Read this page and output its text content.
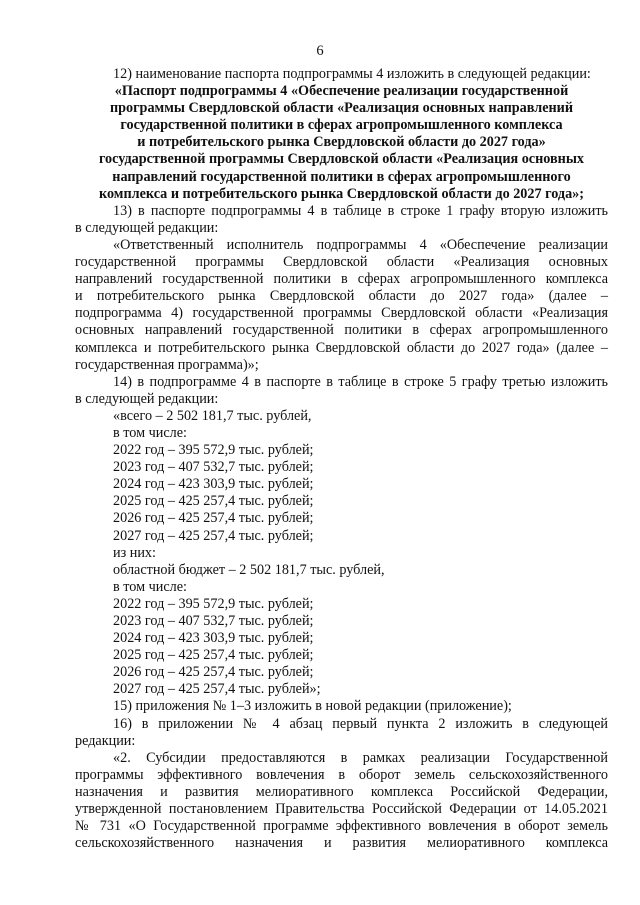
6
12) наименование паспорта подпрограммы 4 изложить в следующей редакции:
«Паспорт подпрограммы 4 «Обеспечение реализации государственной
программы Свердловской области «Реализация основных направлений
государственной политики в сферах агропромышленного комплекса
и потребительского рынка Свердловской области до 2027 года»
государственной программы Свердловской области «Реализация основных
направлений государственной политики в сферах агропромышленного
комплекса и потребительского рынка Свердловской области до 2027 года»;
13) в паспорте подпрограммы 4 в таблице в строке 1 графу вторую изложить
в следующей редакции:
«Ответственный исполнитель подпрограммы 4 «Обеспечение реализации
государственной программы Свердловской области «Реализация основных
направлений государственной политики в сферах агропромышленного комплекса
и потребительского рынка Свердловской области до 2027 года» (далее –
подпрограмма 4) государственной программы Свердловской области «Реализация
основных направлений государственной политики в сферах агропромышленного
комплекса и потребительского рынка Свердловской области до 2027 года» (далее –
государственная программа)»;
14) в подпрограмме 4 в паспорте в таблице в строке 5 графу третью изложить
в следующей редакции:
«всего – 2 502 181,7 тыс. рублей,
в том числе:
2022 год – 395 572,9 тыс. рублей;
2023 год – 407 532,7 тыс. рублей;
2024 год – 423 303,9 тыс. рублей;
2025 год – 425 257,4 тыс. рублей;
2026 год – 425 257,4 тыс. рублей;
2027 год – 425 257,4 тыс. рублей;
из них:
областной бюджет – 2 502 181,7 тыс. рублей,
в том числе:
2022 год – 395 572,9 тыс. рублей;
2023 год – 407 532,7 тыс. рублей;
2024 год – 423 303,9 тыс. рублей;
2025 год – 425 257,4 тыс. рублей;
2026 год – 425 257,4 тыс. рублей;
2027 год – 425 257,4 тыс. рублей»;
15) приложения № 1–3 изложить в новой редакции (приложение);
16) в приложении № 4 абзац первый пункта 2 изложить в следующей
редакции:
«2. Субсидии предоставляются в рамках реализации Государственной
программы эффективного вовлечения в оборот земель сельскохозяйственного
назначения и развития мелиоративного комплекса Российской Федерации,
утвержденной постановлением Правительства Российской Федерации от 14.05.2021
№ 731 «О Государственной программе эффективного вовлечения в оборот земель
сельскохозяйственного назначения и развития мелиоративного комплекса
